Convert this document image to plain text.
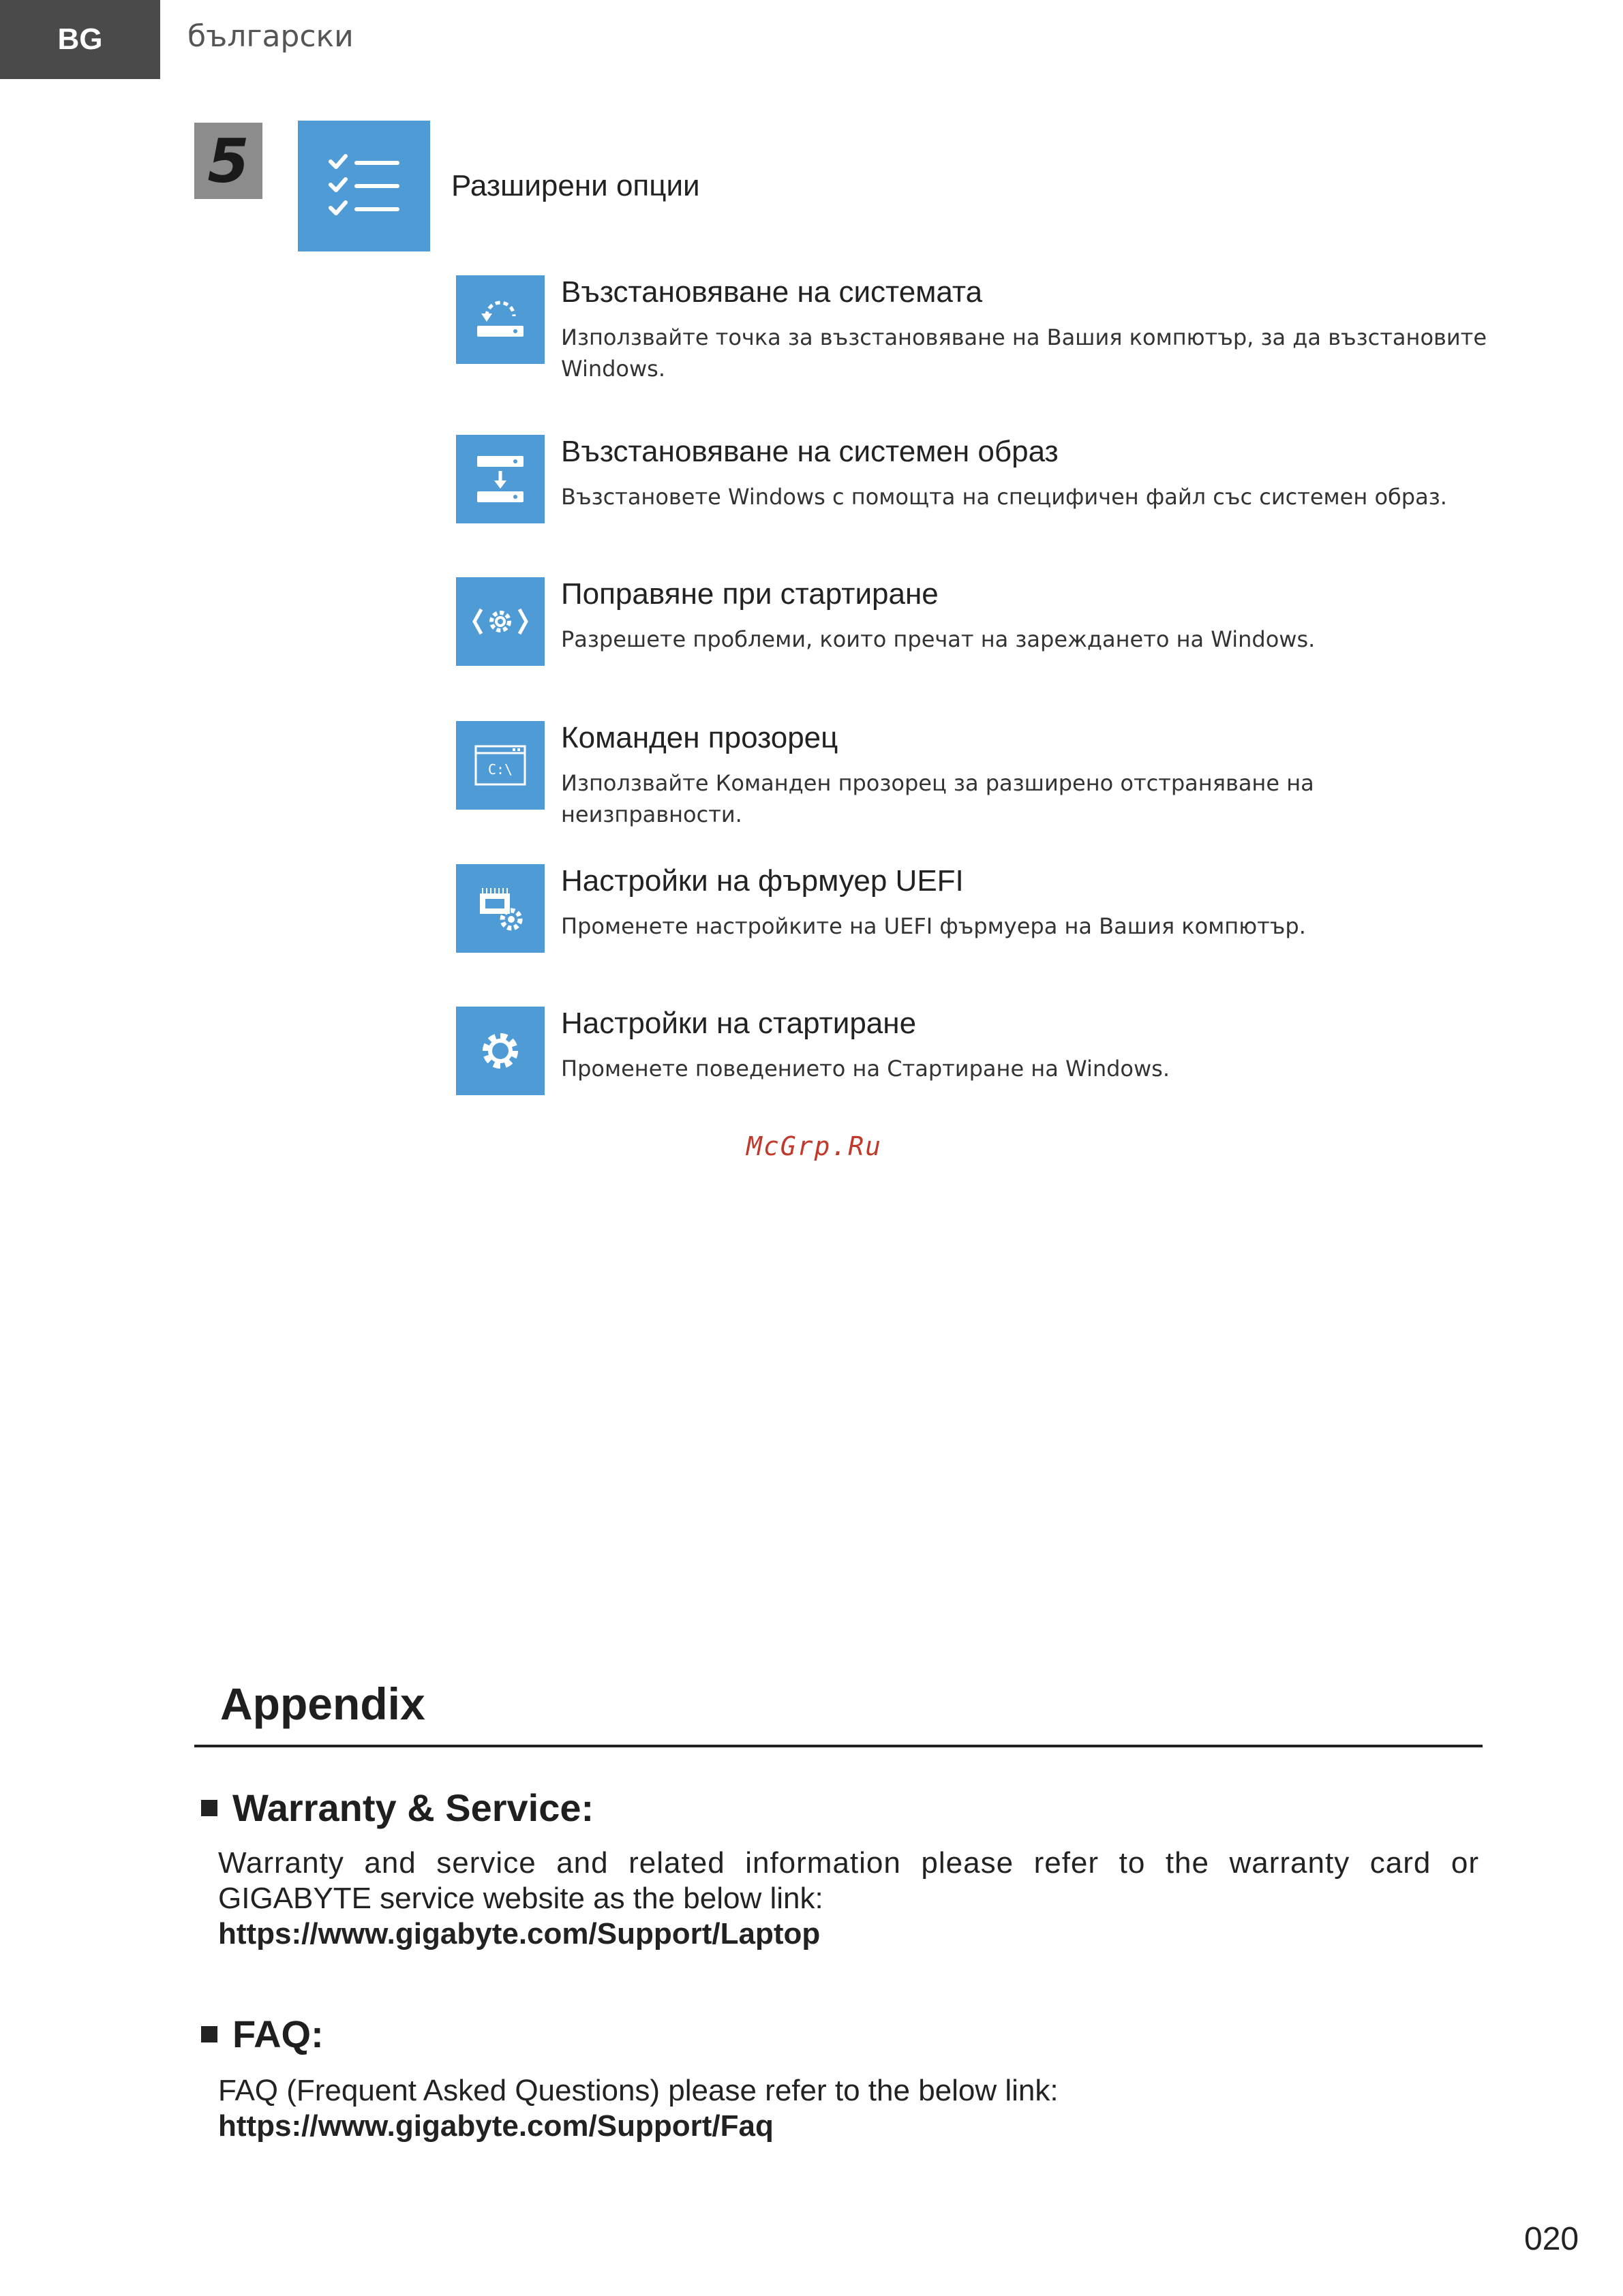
BG	български
5	Разширени опции
Възстановяване на системата
Използвайте точка за възстановяване на Вашия компютър, за да възстановите Windows.
Възстановяване на системен образ
Възстановете Windows с помощта на специфичен файл със системен образ.
Поправяне при стартиране
Разрешете проблеми, които пречат на зареждането на Windows.
C:\
Команден прозорец
Използвайте Команден прозорец за разширено отстраняване на неизправности.
Настройки на фърмуер UEFI
Променете настройките на UEFI фърмуера на Вашия компютър.
Настройки на стартиране
Променете поведението на Стартиране на Windows.
McGrp.Ru
Appendix
Warranty & Service:
Warranty and service and related information please refer to the warranty card or
GIGABYTE service website as the below link:
https://www.gigabyte.com/Support/Laptop
FAQ:
FAQ (Frequent Asked Questions) please refer to the below link:
https://www.gigabyte.com/Support/Faq
020
